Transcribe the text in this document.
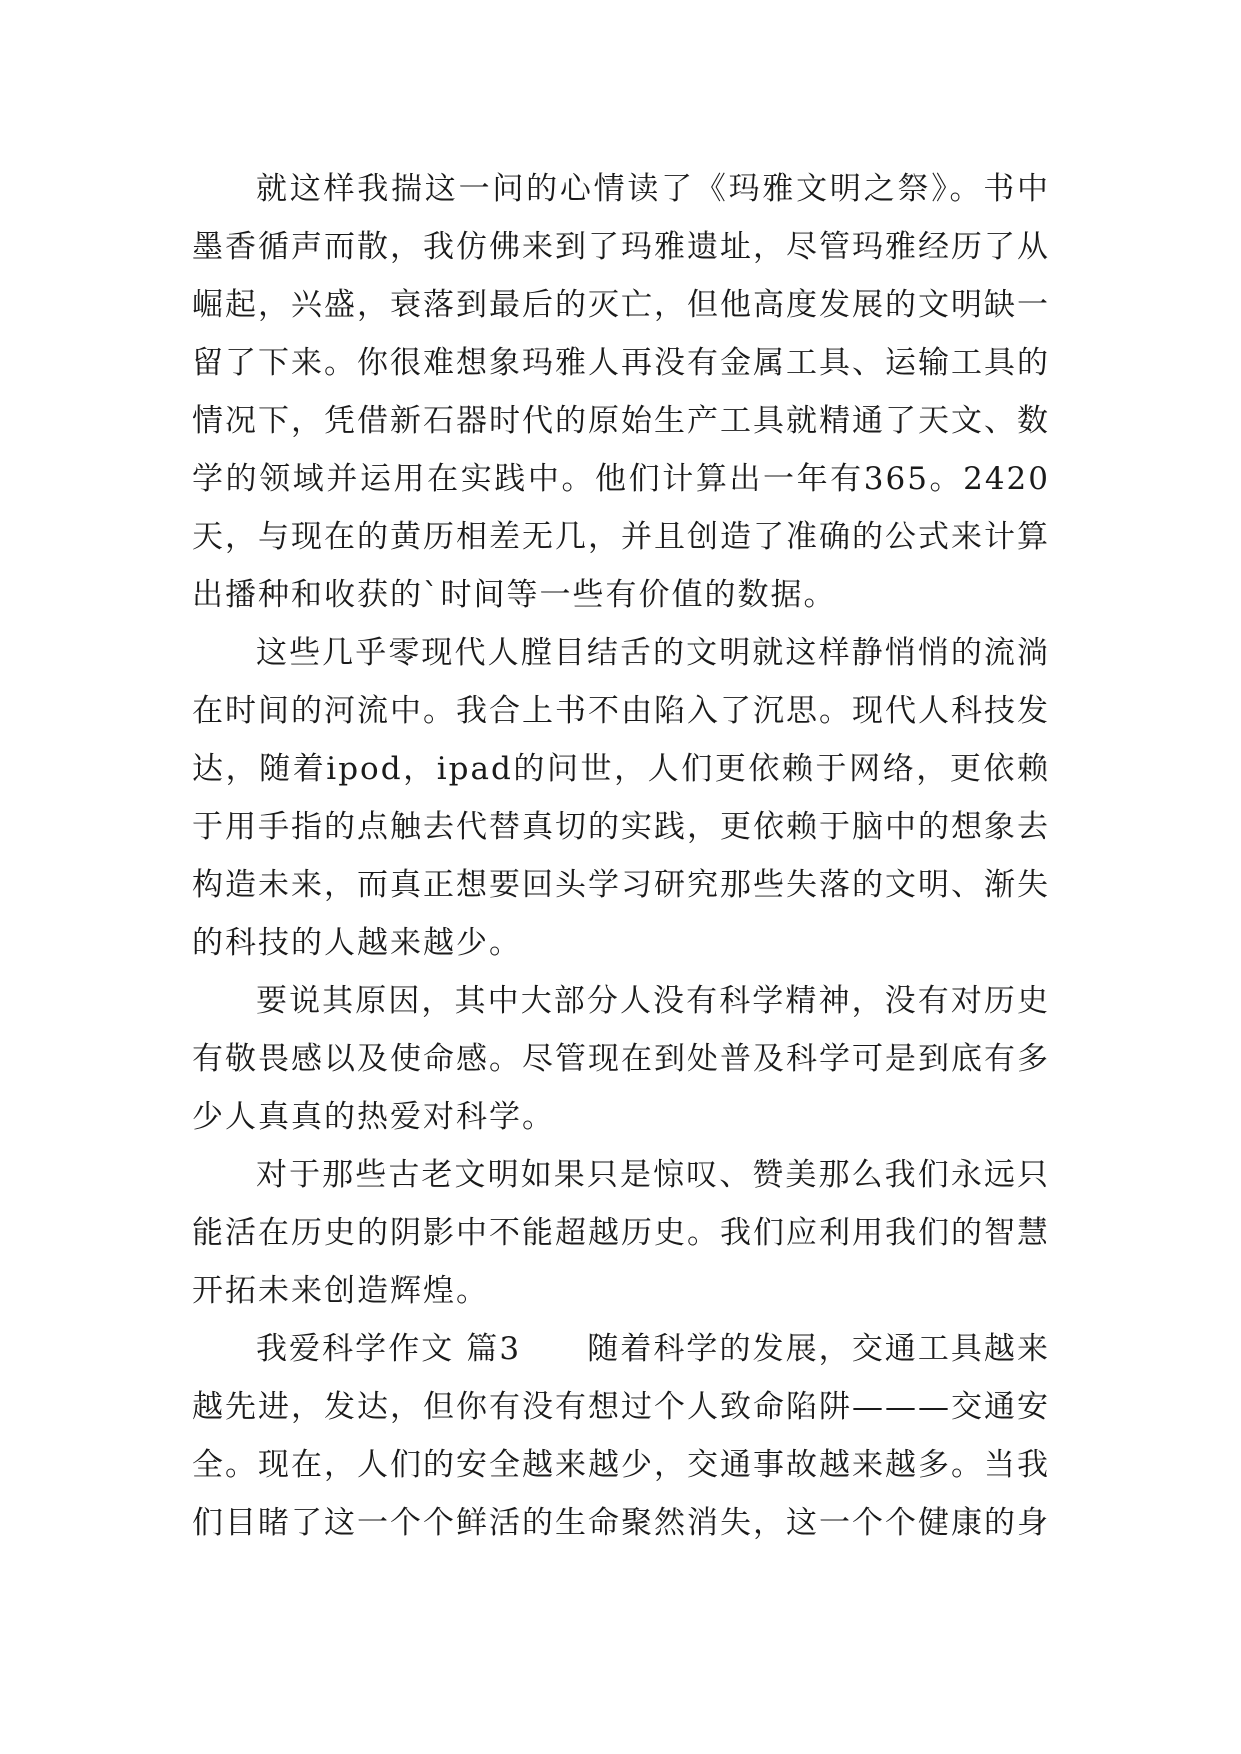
就这样我揣这一问的心情读了《玛雅文明之祭》。书中墨香循声而散，我仿佛来到了玛雅遗址，尽管玛雅经历了从崛起，兴盛，衰落到最后的灭亡，但他高度发展的文明缺一留了下来。你很难想象玛雅人再没有金属工具、运输工具的情况下，凭借新石器时代的原始生产工具就精通了天文、数学的领域并运用在实践中。他们计算出一年有365。2420天，与现在的黄历相差无几，并且创造了准确的公式来计算出播种和收获的`时间等一些有价值的数据。

这些几乎零现代人膛目结舌的文明就这样静悄悄的流淌在时间的河流中。我合上书不由陷入了沉思。现代人科技发达，随着ipod，ipad的问世，人们更依赖于网络，更依赖于用手指的点触去代替真切的实践，更依赖于脑中的想象去构造未来，而真正想要回头学习研究那些失落的文明、渐失的科技的人越来越少。

要说其原因，其中大部分人没有科学精神，没有对历史有敬畏感以及使命感。尽管现在到处普及科学可是到底有多少人真真的热爱对科学。

对于那些古老文明如果只是惊叹、赞美那么我们永远只能活在历史的阴影中不能超越历史。我们应利用我们的智慧开拓未来创造辉煌。

我爱科学作文 篇3　　随着科学的发展，交通工具越来越先进，发达，但你有没有想过个人致命陷阱———交通安全。现在，人们的安全越来越少，交通事故越来越多。当我们目睹了这一个个鲜活的生命聚然消失，这一个个健康的身
